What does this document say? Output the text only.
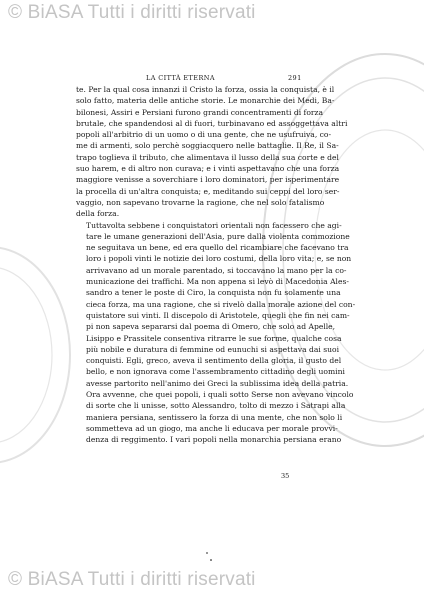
© BiASA Tutti i diritti riservati
LA CITTÀ ETERNA	291

te. Per la qual cosa innanzi il Cristo la forza, ossia la conquista, è il
solo fatto, materia delle antiche storie. Le monarchie dei Medi, Ba-
bilonesi, Assiri e Persiani furono grandi concentramenti di forza
brutale, che spandendosi al di fuori, turbinavano ed assoggettava altri
popoli all'arbitrio di un uomo o di una gente, che ne usufruiva, co-
me di armenti, solo perchè soggiacquero nelle battaglie. Il Re, il Sa-
trapo toglieva il tributo, che alimentava il lusso della sua corte e del
suo harem, e di altro non curava; e i vinti aspettavano che una forza
maggiore venisse a soverchiare i loro dominatori, per isperimentare
la procella di un'altra conquista; e, meditando sui ceppi del loro ser-
vaggio, non sapevano trovarne la ragione, che nel solo fatalismo
della forza.

Tuttavolta sebbene i conquistatori orientali non facessero che agi-
tare le umane generazioni dell'Asia, pure dalla violenta commozione
ne seguitava un bene, ed era quello del ricambiare che facevano tra
loro i popoli vinti le notizie dei loro costumi, della loro vita; e, se non
arrivavano ad un morale parentado, si toccavano la mano per la co-
municazione dei traffichi. Ma non appena si levò di Macedonia Ales-
sandro a tener le poste di Ciro, la conquista non fu solamente una
cieca forza, ma una ragione, che si rivelò dalla morale azione del con-
quistatore sui vinti. Il discepolo di Aristotele, quegli che fin nei cam-
pi non sapeva separarsi dal poema di Omero, che solo ad Apelle,
Lisippo e Prassitele consentiva ritrarre le sue forme, qualche cosa
più nobile e duratura di femmine od eunuchi si aspettava dai suoi
conquisti. Egli, greco, aveva il sentimento della gloria, il gusto del
bello, e non ignorava come l'assembramento cittadino degli uomini
avesse partorito nell'animo dei Greci la sublissima idea della patria.
Ora avvenne, che quei popoli, i quali sotto Serse non avevano vincolo
di sorte che li unisse, sotto Alessandro, tolto di mezzo i Satrapi alla
maniera persiana, sentissero la forza di una mente, che non solo li
sommetteva ad un giogo, ma anche li educava per morale provvi-
denza di reggimento. I vari popoli nella monarchia persiana erano

35
© BiASA Tutti i diritti riservati
